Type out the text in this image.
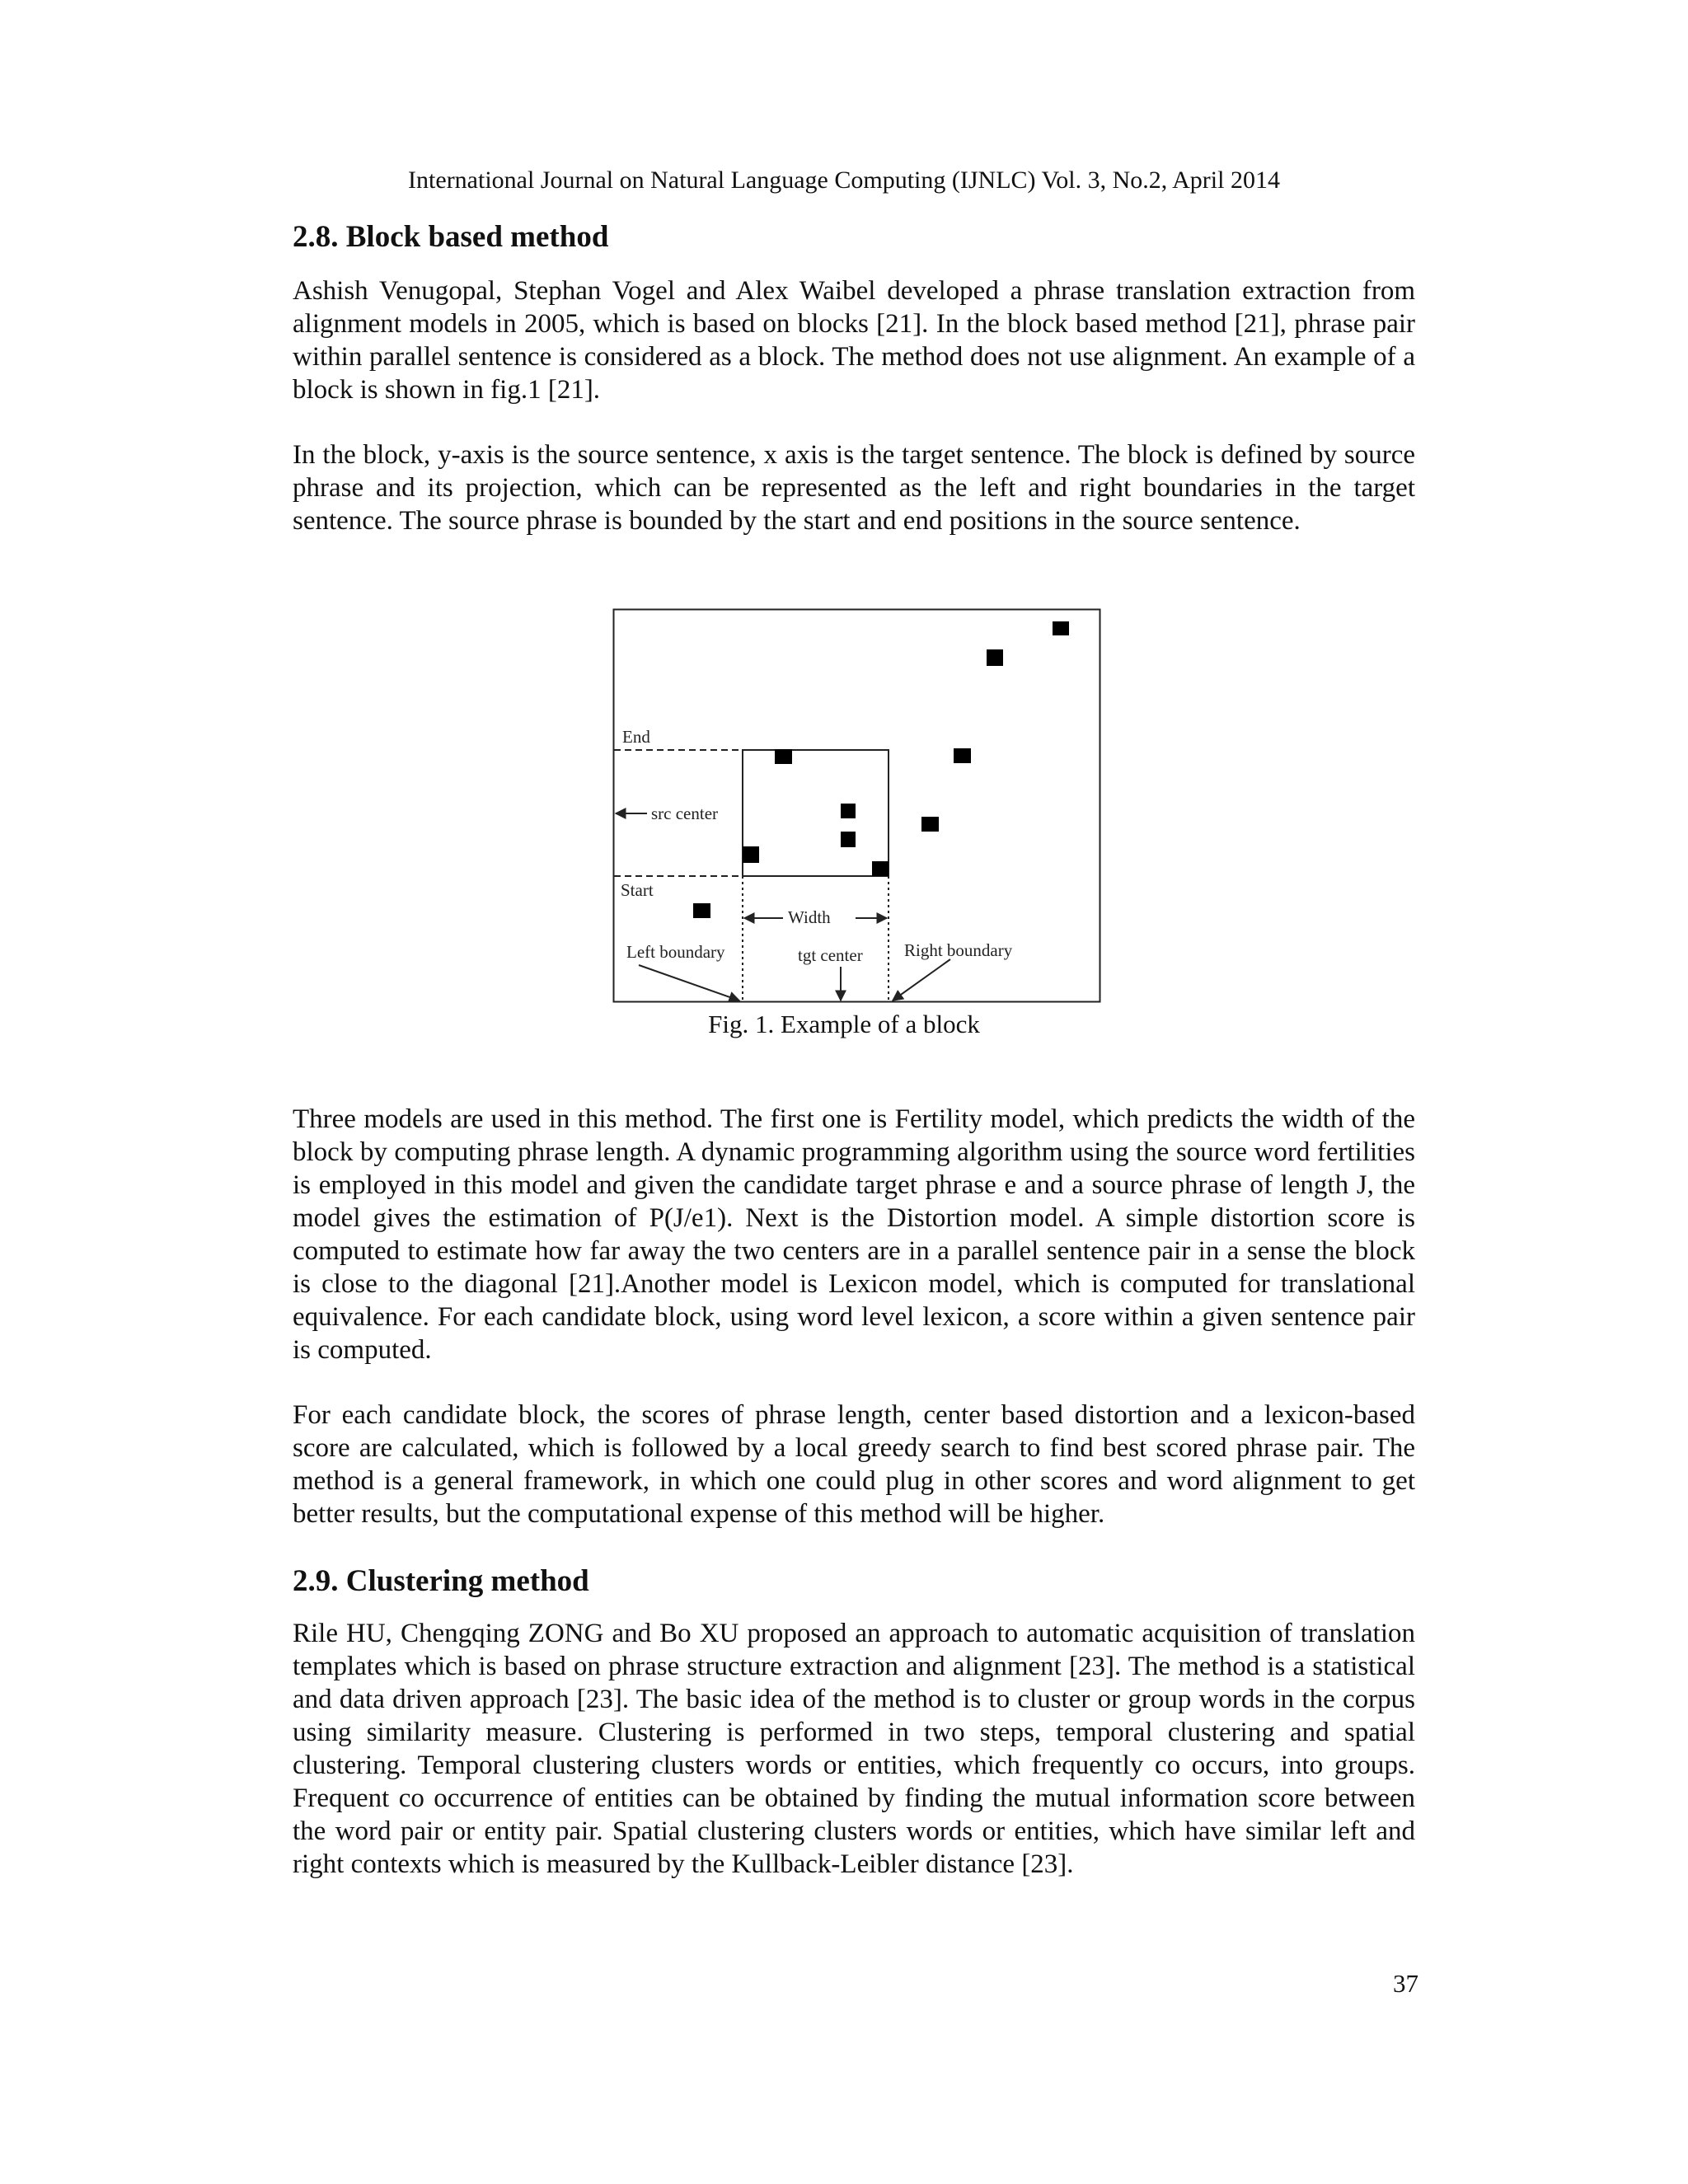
International Journal on Natural Language Computing (IJNLC) Vol. 3, No.2, April 2014
2.8. Block based method

Ashish Venugopal, Stephan Vogel and Alex Waibel developed a phrase translation extraction from alignment models in 2005, which is based on blocks [21]. In the block based method [21], phrase pair within parallel sentence is considered as a block. The method does not use alignment. An example of a block is shown in fig.1 [21].

In the block, y-axis is the source sentence, x axis is the target sentence. The block is defined by source phrase and its projection, which can be represented as the left and right boundaries in the target sentence. The source phrase is bounded by the start and end positions in the source sentence.

End
src center
Start
Width
Left boundary	tgt center Right boundary
Fig. 1. Example of a block

Three models are used in this method. The first one is Fertility model, which predicts the width of the block by computing phrase length. A dynamic programming algorithm using the source word fertilities is employed in this model and given the candidate target phrase e and a source phrase of length J, the model gives the estimation of P(J/e1). Next is the Distortion model. A simple distortion score is computed to estimate how far away the two centers are in a parallel sentence pair in a sense the block is close to the diagonal [21].Another model is Lexicon model, which is computed for translational equivalence. For each candidate block, using word level lexicon, a score within a given sentence pair is computed.

For each candidate block, the scores of phrase length, center based distortion and a lexicon-based score are calculated, which is followed by a local greedy search to find best scored phrase pair. The method is a general framework, in which one could plug in other scores and word alignment to get better results, but the computational expense of this method will be higher.

2.9. Clustering method

Rile HU, Chengqing ZONG and Bo XU proposed an approach to automatic acquisition of translation templates which is based on phrase structure extraction and alignment [23]. The method is a statistical and data driven approach [23]. The basic idea of the method is to cluster or group words in the corpus using similarity measure. Clustering is performed in two steps, temporal clustering and spatial clustering. Temporal clustering clusters words or entities, which frequently co occurs, into groups. Frequent co occurrence of entities can be obtained by finding the mutual information score between the word pair or entity pair. Spatial clustering clusters words or entities, which have similar left and right contexts which is measured by the Kullback-Leibler distance [23].

37
